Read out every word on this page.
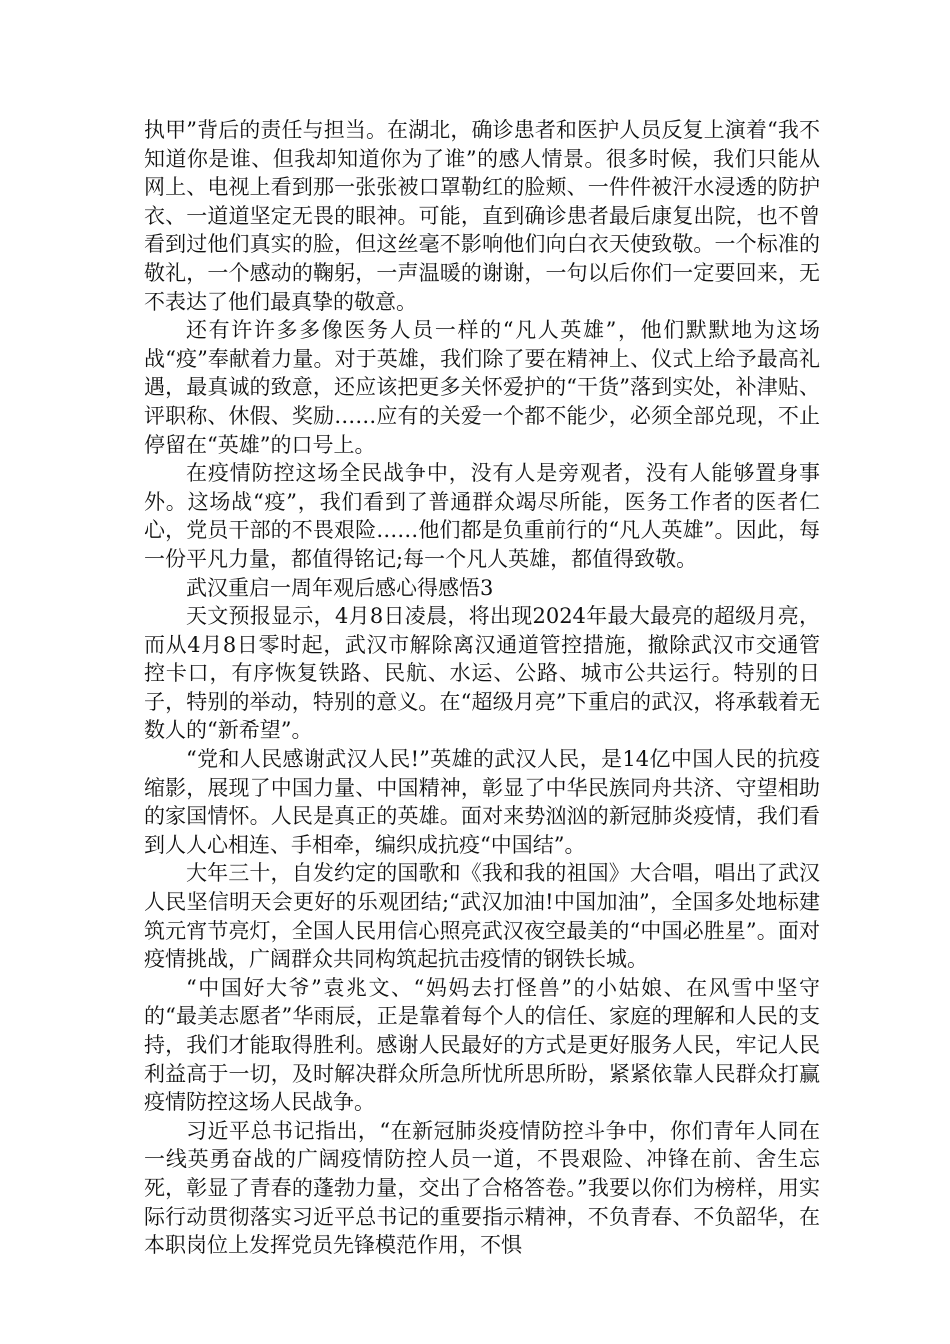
执甲”背后的责任与担当。在湖北，确诊患者和医护人员反复上演着“我不知道你是谁、但我却知道你为了谁”的感人情景。很多时候，我们只能从网上、电视上看到那一张张被口罩勒红的脸颊、一件件被汗水浸透的防护衣、一道道坚定无畏的眼神。可能，直到确诊患者最后康复出院，也不曾看到过他们真实的脸，但这丝毫不影响他们向白衣天使致敬。一个标准的敬礼，一个感动的鞠躬，一声温暖的谢谢，一句以后你们一定要回来，无不表达了他们最真挚的敬意。

还有许许多多像医务人员一样的“凡人英雄”，他们默默地为这场战“疫”奉献着力量。对于英雄，我们除了要在精神上、仪式上给予最高礼遇，最真诚的致意，还应该把更多关怀爱护的“干货”落到实处，补津贴、评职称、休假、奖励……应有的关爱一个都不能少，必须全部兑现，不止停留在“英雄”的口号上。

在疫情防控这场全民战争中，没有人是旁观者，没有人能够置身事外。这场战“疫”，我们看到了普通群众竭尽所能，医务工作者的医者仁心，党员干部的不畏艰险……他们都是负重前行的“凡人英雄”。因此，每一份平凡力量，都值得铭记;每一个凡人英雄，都值得致敬。

武汉重启一周年观后感心得感悟3

天文预报显示，4月8日凌晨，将出现2024年最大最亮的超级月亮，而从4月8日零时起，武汉市解除离汉通道管控措施，撤除武汉市交通管控卡口，有序恢复铁路、民航、水运、公路、城市公共运行。特别的日子，特别的举动，特别的意义。在“超级月亮”下重启的武汉，将承载着无数人的“新希望”。

“党和人民感谢武汉人民!”英雄的武汉人民，是14亿中国人民的抗疫缩影，展现了中国力量、中国精神，彰显了中华民族同舟共济、守望相助的家国情怀。人民是真正的英雄。面对来势汹汹的新冠肺炎疫情，我们看到人人心相连、手相牵，编织成抗疫“中国结”。

大年三十，自发约定的国歌和《我和我的祖国》大合唱，唱出了武汉人民坚信明天会更好的乐观团结;“武汉加油!中国加油”，全国多处地标建筑元宵节亮灯，全国人民用信心照亮武汉夜空最美的“中国必胜星”。面对疫情挑战，广阔群众共同构筑起抗击疫情的钢铁长城。

“中国好大爷”袁兆文、“妈妈去打怪兽”的小姑娘、在风雪中坚守的“最美志愿者”华雨辰，正是靠着每个人的信任、家庭的理解和人民的支持，我们才能取得胜利。感谢人民最好的方式是更好服务人民，牢记人民利益高于一切，及时解决群众所急所忧所思所盼，紧紧依靠人民群众打赢疫情防控这场人民战争。

习近平总书记指出，“在新冠肺炎疫情防控斗争中，你们青年人同在一线英勇奋战的广阔疫情防控人员一道，不畏艰险、冲锋在前、舍生忘死，彰显了青春的蓬勃力量，交出了合格答卷。”我要以你们为榜样，用实际行动贯彻落实习近平总书记的重要指示精神，不负青春、不负韶华，在本职岗位上发挥党员先锋模范作用，不惧
